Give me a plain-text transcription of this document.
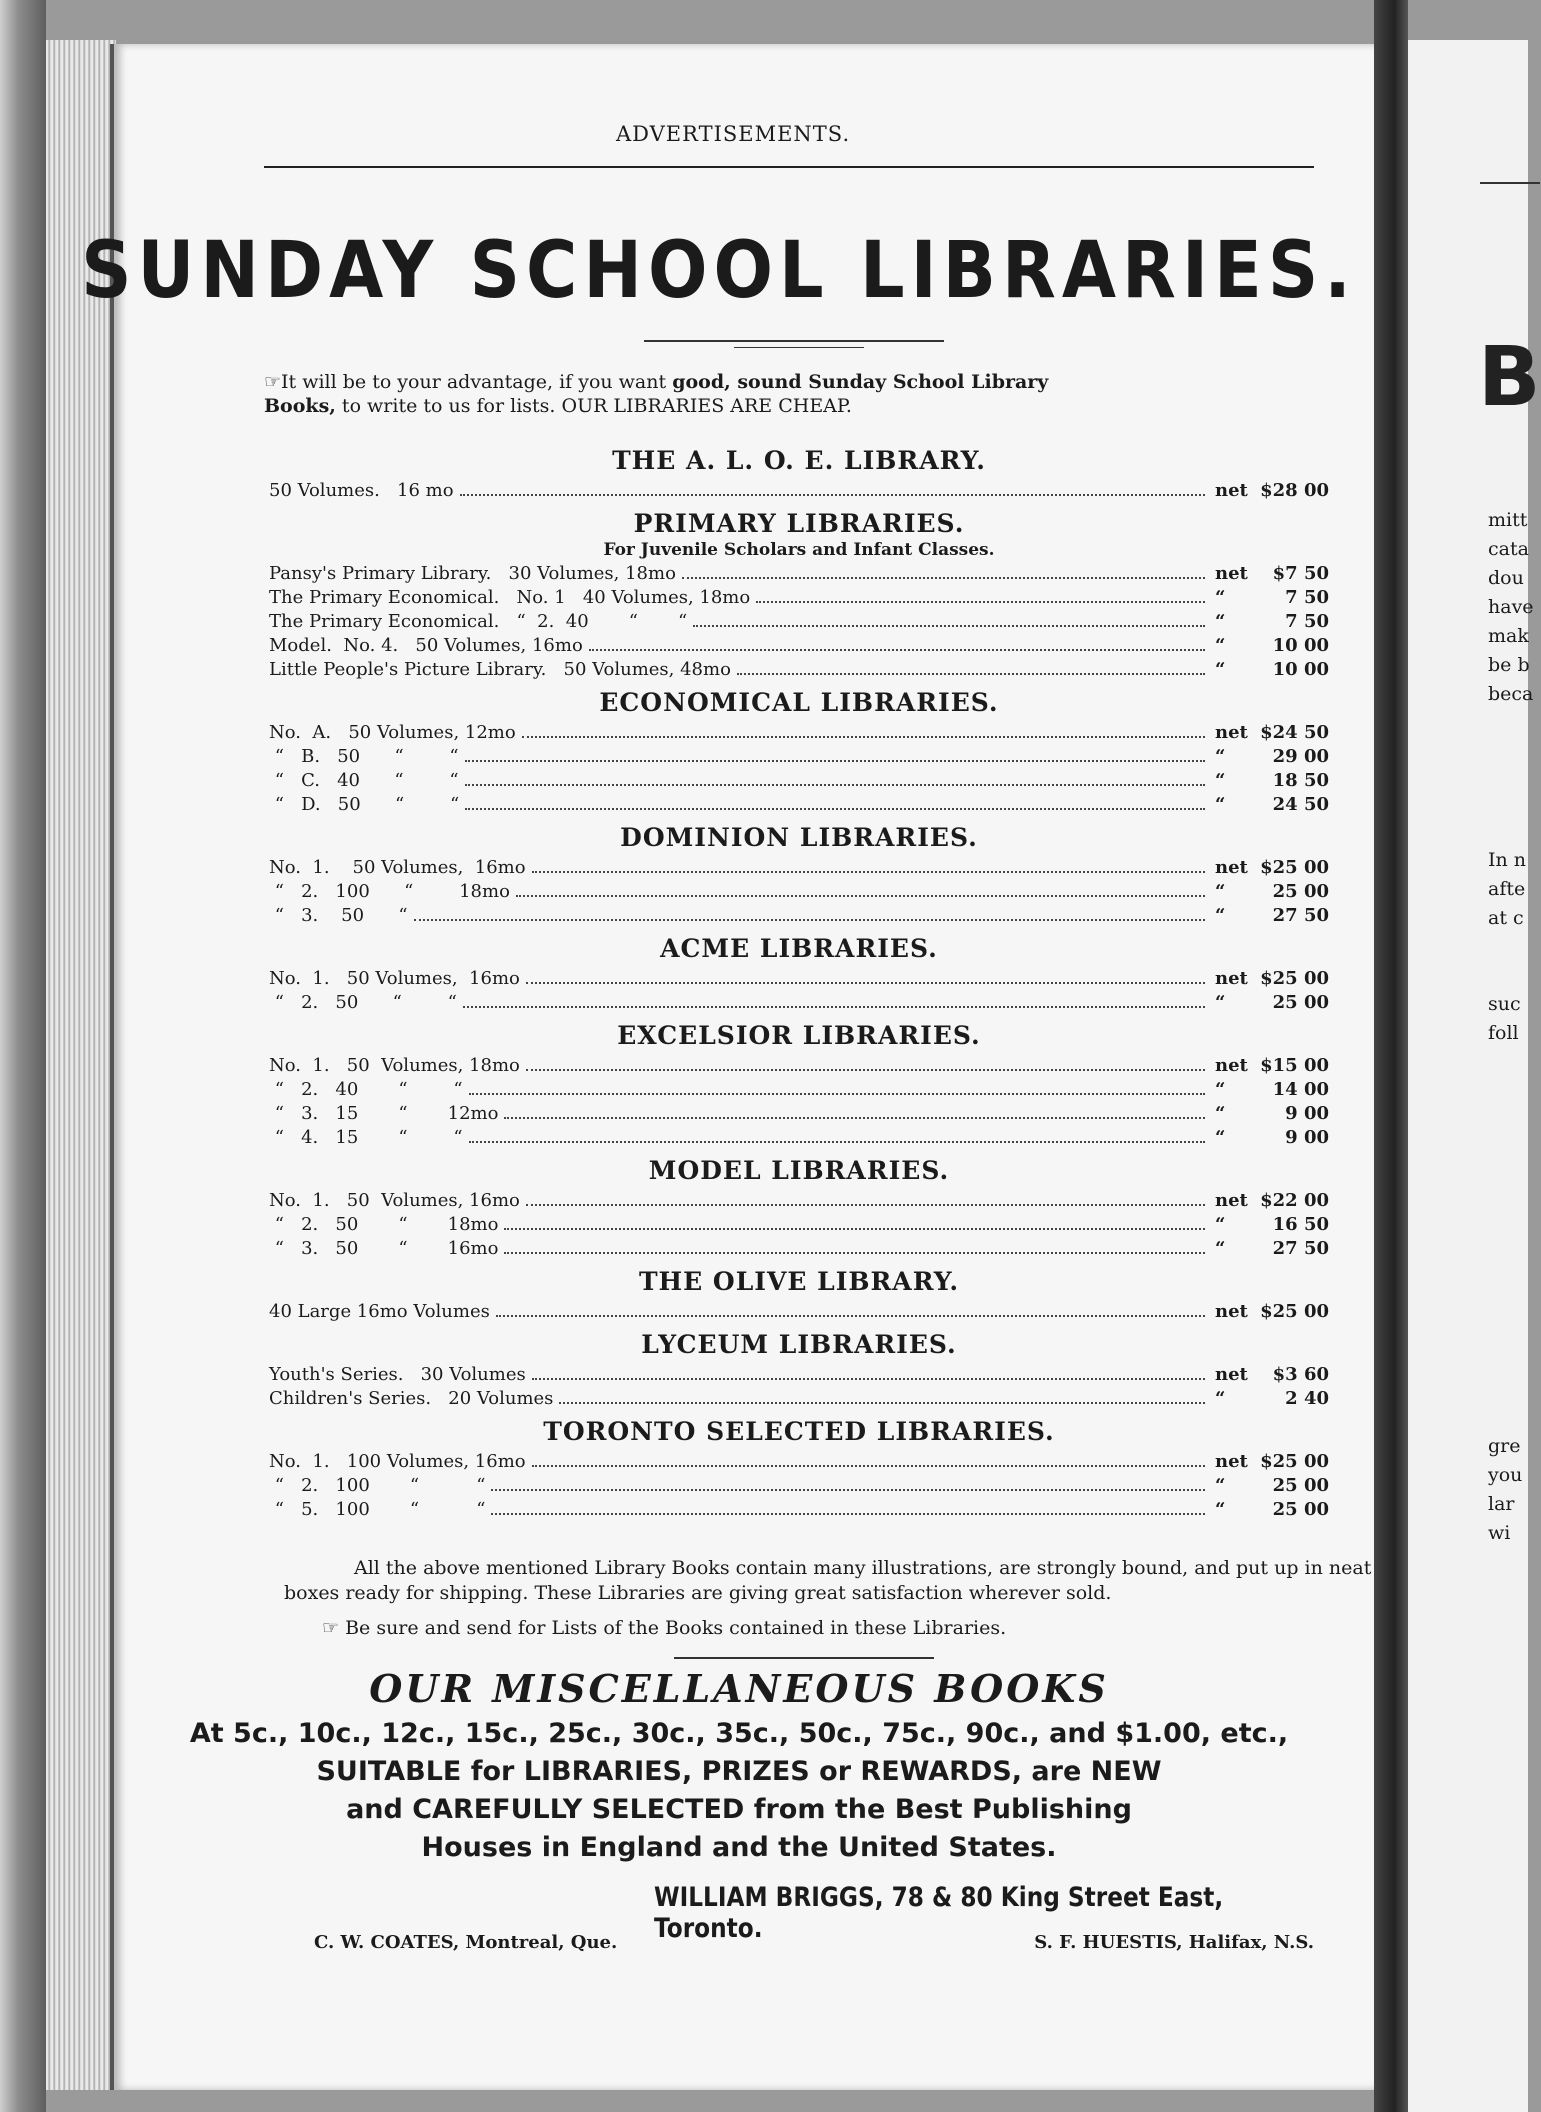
ADVERTISEMENTS.
SUNDAY SCHOOL LIBRARIES.
☞It will be to your advantage, if you want good, sound Sunday School Library
Books, to write to us for lists. OUR LIBRARIES ARE CHEAP.
THE A. L. O. E. LIBRARY.
50 Volumes.   16 mo	net $28 00
PRIMARY LIBRARIES.
For Juvenile Scholars and Infant Classes.
Pansy's Primary Library.   30 Volumes, 18mo	net	$7 50
The Primary Economical.   No. 1   40 Volumes, 18mo	“	7 50
The Primary Economical.   “  2.  40       “       “	“	7 50
Model.  No. 4.   50 Volumes, 16mo	“	10 00
Little People's Picture Library.   50 Volumes, 48mo	“	10 00
ECONOMICAL LIBRARIES.
No.  A.   50 Volumes, 12mo	net $24 50
“   B.   50      “        “	“	29 00
“   C.   40      “        “	“	18 50
“   D.   50      “        “	“	24 50
DOMINION LIBRARIES.
No.  1.    50 Volumes,  16mo	net $25 00
“   2.   100      “        18mo	“	25 00
“   3.    50      “	“	27 50
ACME LIBRARIES.
No.  1.   50 Volumes,  16mo	net $25 00
“   2.   50      “        “	“	25 00
EXCELSIOR LIBRARIES.
No.  1.   50  Volumes, 18mo	net $15 00
“   2.   40       “        “	“	14 00
“   3.   15       “       12mo	“	9 00
“   4.   15       “        “	“	9 00
MODEL LIBRARIES.
No.  1.   50  Volumes, 16mo	net $22 00
“   2.   50       “       18mo	“	16 50
“   3.   50       “       16mo	“	27 50
THE OLIVE LIBRARY.
40 Large 16mo Volumes	net $25 00
LYCEUM LIBRARIES.
Youth's Series.   30 Volumes	net	$3 60
Children's Series.   20 Volumes	“	2 40
TORONTO SELECTED LIBRARIES.
No.  1.   100 Volumes, 16mo	net $25 00
“   2.   100       “          “	“	25 00
“   5.   100       “          “	“	25 00

All the above mentioned Library Books contain many illustrations, are strongly bound, and put up in neat boxes ready for shipping. These Libraries are giving great satisfaction wherever sold.

☞ Be sure and send for Lists of the Books contained in these Libraries.

OUR MISCELLANEOUS BOOKS
At 5c., 10c., 12c., 15c., 25c., 30c., 35c., 50c., 75c., 90c., and $1.00, etc.,
SUITABLE for LIBRARIES, PRIZES or REWARDS, are NEW
and CAREFULLY SELECTED from the Best Publishing
Houses in England and the United States.
WILLIAM BRIGGS, 78 & 80 King Street East, Toronto.
C. W. COATES, Montreal, Que.	S. F. HUESTIS, Halifax, N.S.
B
mitt
cata
dou
have
mak
be b
beca
In n
afte
at c
suc
foll
gre
you
lar
wi
